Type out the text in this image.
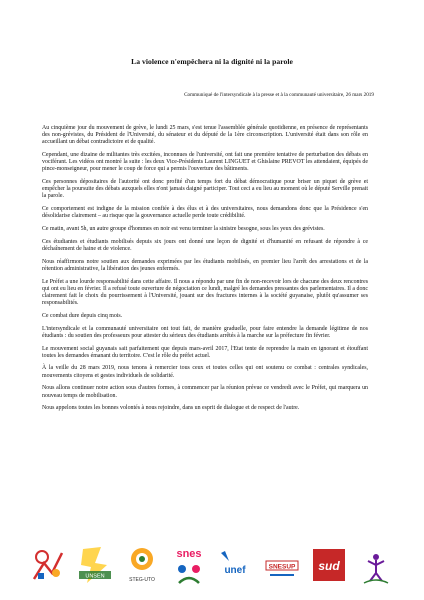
La violence n'empêchera ni la dignité ni la parole
Communiqué de l'intersyndicale à la presse et à la communauté universitaire, 26 mars 2019

Au cinquième jour du mouvement de grève, le lundi 25 mars, s'est tenue l'assemblée générale quotidienne, en présence de représentants des non-grévistes, du Président de l'Université, du sénateur et du député de la 1ère circonscription. L'université était dans son rôle en accueillant un débat contradictoire et de qualité.

Cependant, une dizaine de militantes très excitées, inconnues de l'université, ont fait une première tentative de perturbation des débats en vociférant. Les vidéos ont montré la suite : les deux Vice-Présidents Laurent LINGUET et Ghislaine PREVOT les attendaient, équipés de pince-monseigneur, pour mener le coup de force qui a permis l'ouverture des bâtiments.

Ces personnes dépositaires de l'autorité ont donc profité d'un temps fort du débat démocratique pour briser un piquet de grève et empêcher la poursuite des débats auxquels elles n'ont jamais daigné participer. Tout ceci a eu lieu au moment où le député Serville prenait la parole.

Ce comportement est indigne de la mission confiée à des élus et à des universitaires, nous demandons donc que la Présidence s'en désolidarise clairement – au risque que la gouvernance actuelle perde toute crédibilité.

Ce matin, avant 5h, un autre groupe d'hommes en noir est venu terminer la sinistre besogne, sous les yeux des grévistes.

Ces étudiantes et étudiants mobilisés depuis six jours ont donné une leçon de dignité et d'humanité en refusant de répondre à ce déchaînement de haine et de violence.

Nous réaffirmons notre soutien aux demandes exprimées par les étudiants mobilisés, en premier lieu l'arrêt des arrestations et de la rétention administrative, la libération des jeunes enfermés.

Le Préfet a une lourde responsabilité dans cette affaire. Il nous a répondu par une fin de non-recevoir lors de chacune des deux rencontres qui ont eu lieu en février. Il a refusé toute ouverture de négociation ce lundi, malgré les demandes pressantes des parlementaires. Il a donc clairement fait le choix du pourrissement à l'Université, jouant sur des fractures internes à la société guyanaise, plutôt qu'assumer ses responsabilités.

Ce combat dure depuis cinq mois.

L'intersyndicale et la communauté universitaire ont tout fait, de manière graduelle, pour faire entendre la demande légitime de nos étudiants : du soutien des professeurs pour attester du sérieux des étudiants arrêtés à la marche sur la préfecture fin février.

Le mouvement social guyanais sait parfaitement que depuis mars-avril 2017, l'Etat tente de reprendre la main en ignorant et étouffant toutes les demandes émanant du territoire. C'est le rôle du préfet actuel.

À la veille du 28 mars 2019, nous tenons à remercier tous ceux et toutes celles qui ont soutenu ce combat : centrales syndicales, mouvements citoyens et gestes individuels de solidarité.

Nous allons continuer notre action sous d'autres formes, à commencer par la réunion prévue ce vendredi avec le Préfet, qui marquera un nouveau temps de mobilisation.

Nous appelons toutes les bonnes volontés à nous rejoindre, dans un esprit de dialogue et de respect de l'autre.

UNSEN
STEG-UTO
snes
unef	SNESUP sud
